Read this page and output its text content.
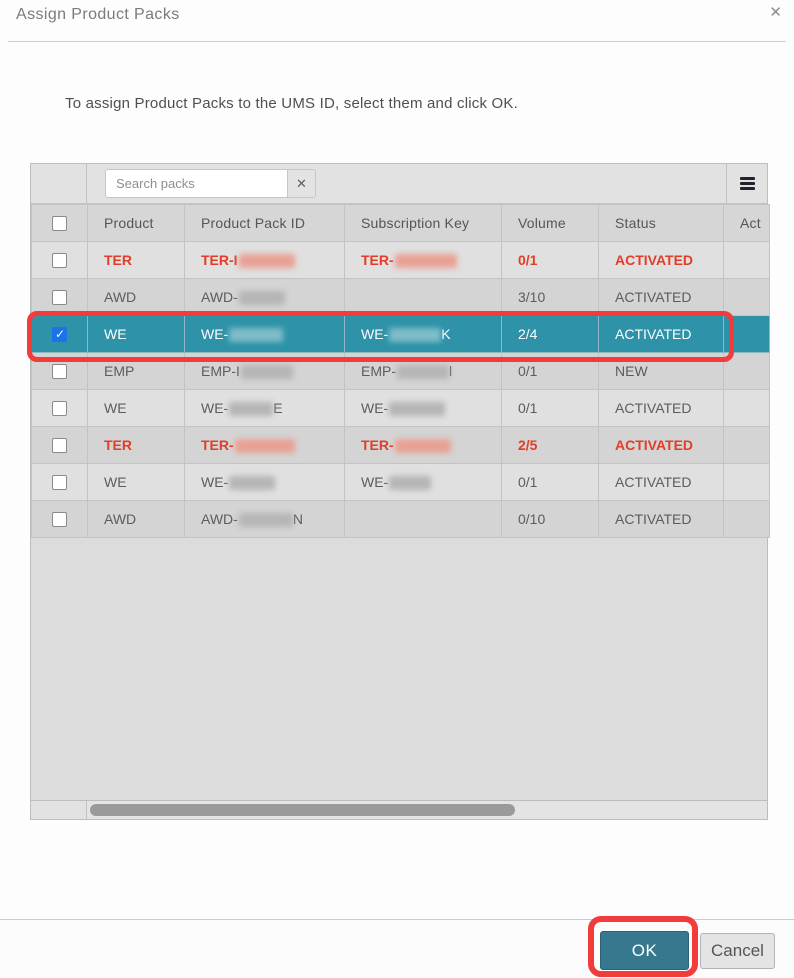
Assign Product Packs	✕
To assign Product Packs to the UMS ID, select them and click OK.
Search packs
✕
	Product	Product Pack ID	Subscription Key	Volume	Status	Act
	TER	TER-I	TER-	0/1	ACTIVATED	
	AWD	AWD-		3/10	ACTIVATED	
✓	WE	WE-	WE- K	2/4	ACTIVATED	
	EMP	EMP-I	EMP- l	0/1	NEW	
	WE	WE- E	WE-	0/1	ACTIVATED	
	TER	TER-	TER-	2/5	ACTIVATED	
	WE	WE-	WE-	0/1	ACTIVATED	
	AWD	AWD- N		0/10	ACTIVATED	
OK	Cancel
